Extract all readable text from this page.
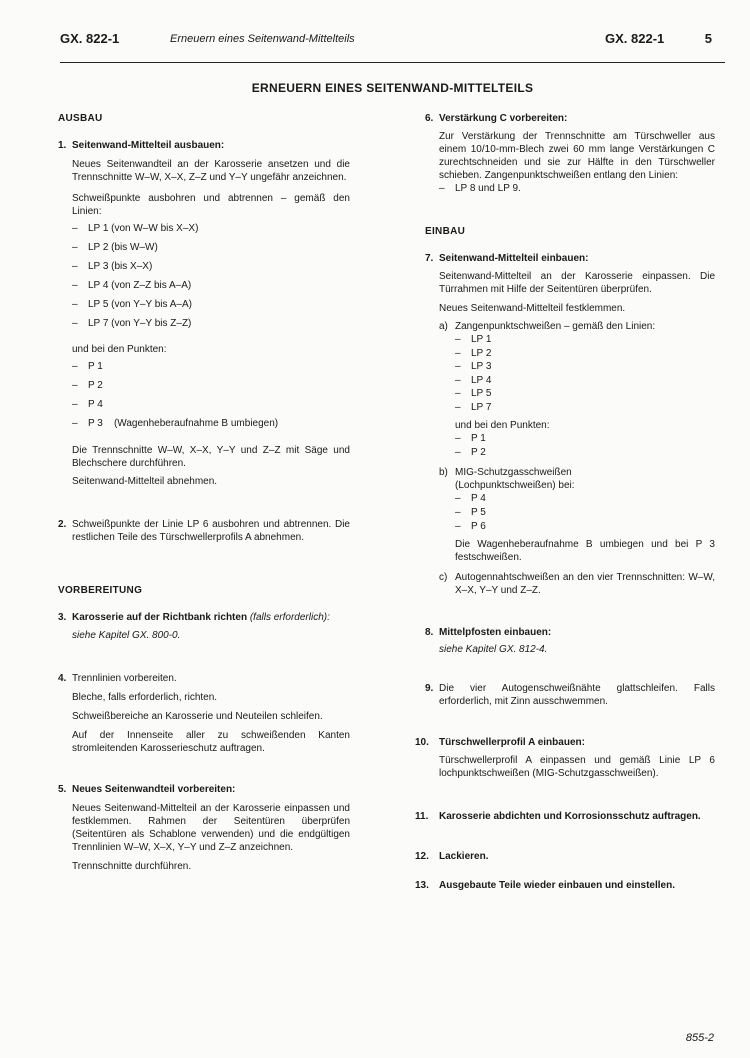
GX. 822-1	Erneuern eines Seitenwand-Mittelteils	GX. 822-1	5
ERNEUERN EINES SEITENWAND-MITTELTEILS
AUSBAU
1. Seitenwand-Mittelteil ausbauen:
Neues Seitenwandteil an der Karosserie ansetzen und die Trennschnitte W–W, X–X, Z–Z und Y–Y ungefähr anzeichnen.
Schweißpunkte ausbohren und abtrennen – gemäß den Linien:
– LP 1 (von W–W bis X–X)
– LP 2 (bis W–W)
– LP 3 (bis X–X)
– LP 4 (von Z–Z bis A–A)
– LP 5 (von Y–Y bis A–A)
– LP 7 (von Y–Y bis Z–Z)
und bei den Punkten:
– P 1
– P 2
– P 4
– P 3    (Wagenheberaufnahme B umbiegen)
Die Trennschnitte W–W, X–X, Y–Y und Z–Z mit Säge und Blechschere durchführen.
Seitenwand-Mittelteil abnehmen.
2. Schweißpunkte der Linie LP 6 ausbohren und abtrennen. Die restlichen Teile des Türschwellerprofils A abnehmen.
VORBEREITUNG
3. Karosserie auf der Richtbank richten (falls erforderlich):
siehe Kapitel GX. 800-0.
4. Trennlinien vorbereiten.
Bleche, falls erforderlich, richten.
Schweißbereiche an Karosserie und Neuteilen schleifen.
Auf der Innenseite aller zu schweißenden Kanten stromleitenden Karosserieschutz auftragen.
5. Neues Seitenwandteil vorbereiten:
Neues Seitenwand-Mittelteil an der Karosserie einpassen und festklemmen. Rahmen der Seitentüren überprüfen (Seitentüren als Schablone verwenden) und die endgültigen Trennlinien W–W, X–X, Y–Y und Z–Z anzeichnen.
Trennschnitte durchführen.
6. Verstärkung C vorbereiten:
Zur Verstärkung der Trennschnitte am Türschweller aus einem 10/10-mm-Blech zwei 60 mm lange Verstärkungen C zurechtschneiden und sie zur Hälfte in den Türschweller schieben. Zangenpunktschweißen entlang den Linien:
– LP 8 und LP 9.
EINBAU
7. Seitenwand-Mittelteil einbauen:
Seitenwand-Mittelteil an der Karosserie einpassen. Die Türrahmen mit Hilfe der Seitentüren überprüfen.
Neues Seitenwand-Mittelteil festklemmen.
a) Zangenpunktschweißen – gemäß den Linien:
– LP 1
– LP 2
– LP 3
– LP 4
– LP 5
– LP 7
und bei den Punkten:
– P 1
– P 2
b) MIG-Schutzgasschweißen (Lochpunktschweißen) bei:
– P 4
– P 5
– P 6
Die Wagenheberaufnahme B umbiegen und bei P 3 festschweißen.
c) Autogennahtschweißen an den vier Trennschnitten: W–W, X–X, Y–Y und Z–Z.
8. Mittelpfosten einbauen:
siehe Kapitel GX. 812-4.
9. Die vier Autogenschweißnähte glattschleifen. Falls erforderlich, mit Zinn ausschwemmen.
10. Türschwellerprofil A einbauen:
Türschwellerprofil A einpassen und gemäß Linie LP 6 lochpunktschweißen (MIG-Schutzgasschweißen).
11. Karosserie abdichten und Korrosionsschutz auftragen.
12. Lackieren.
13. Ausgebaute Teile wieder einbauen und einstellen.
855-2
